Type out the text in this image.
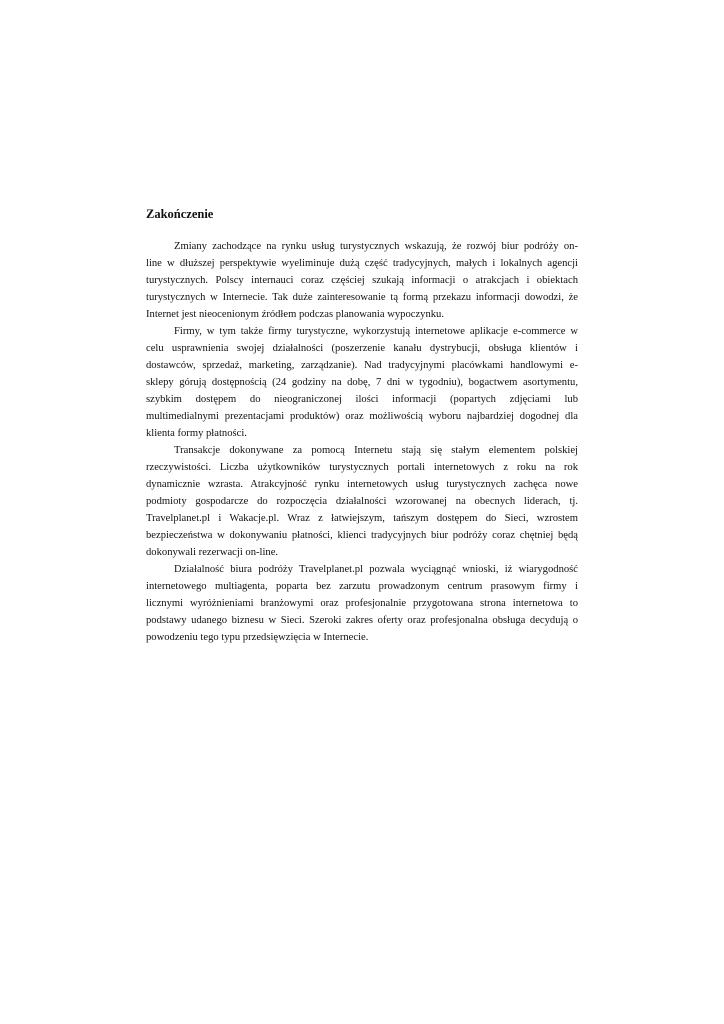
Zakończenie
Zmiany zachodzące na rynku usług turystycznych wskazują, że rozwój biur podróży on-
line w dłuższej perspektywie wyeliminuje dużą część tradycyjnych, małych i lokalnych agencji
turystycznych. Polscy internauci coraz częściej szukają informacji o atrakcjach i obiektach
turystycznych w Internecie. Tak duże zainteresowanie tą formą przekazu informacji dowodzi, że
Internet jest nieocenionym źródłem podczas planowania wypoczynku.
Firmy, w tym także firmy turystyczne, wykorzystują internetowe aplikacje e-commerce w
celu usprawnienia swojej działalności (poszerzenie kanału dystrybucji, obsługa klientów i
dostawców, sprzedaż, marketing, zarządzanie). Nad tradycyjnymi placówkami handlowymi e-
sklepy górują dostępnością (24 godziny na dobę, 7 dni w tygodniu), bogactwem asortymentu,
szybkim dostępem do nieograniczonej ilości informacji (popartych zdjęciami lub
multimedialnymi prezentacjami produktów) oraz możliwością wyboru najbardziej dogodnej dla
klienta formy płatności.
Transakcje dokonywane za pomocą Internetu stają się stałym elementem polskiej
rzeczywistości. Liczba użytkowników turystycznych portali internetowych z roku na rok
dynamicznie wzrasta. Atrakcyjność rynku internetowych usług turystycznych zachęca nowe
podmioty gospodarcze do rozpoczęcia działalności wzorowanej na obecnych liderach, tj.
Travelplanet.pl i Wakacje.pl. Wraz z łatwiejszym, tańszym dostępem do Sieci, wzrostem
bezpieczeństwa w dokonywaniu płatności, klienci tradycyjnych biur podróży coraz chętniej będą
dokonywali rezerwacji on-line.
Działalność biura podróży Travelplanet.pl pozwala wyciągnąć wnioski, iż wiarygodność
internetowego multiagenta, poparta bez zarzutu prowadzonym centrum prasowym firmy i
licznymi wyróżnieniami branżowymi oraz profesjonalnie przygotowana strona internetowa to
podstawy udanego biznesu w Sieci. Szeroki zakres oferty oraz profesjonalna obsługa decydują o
powodzeniu tego typu przedsięwzięcia w Internecie.
